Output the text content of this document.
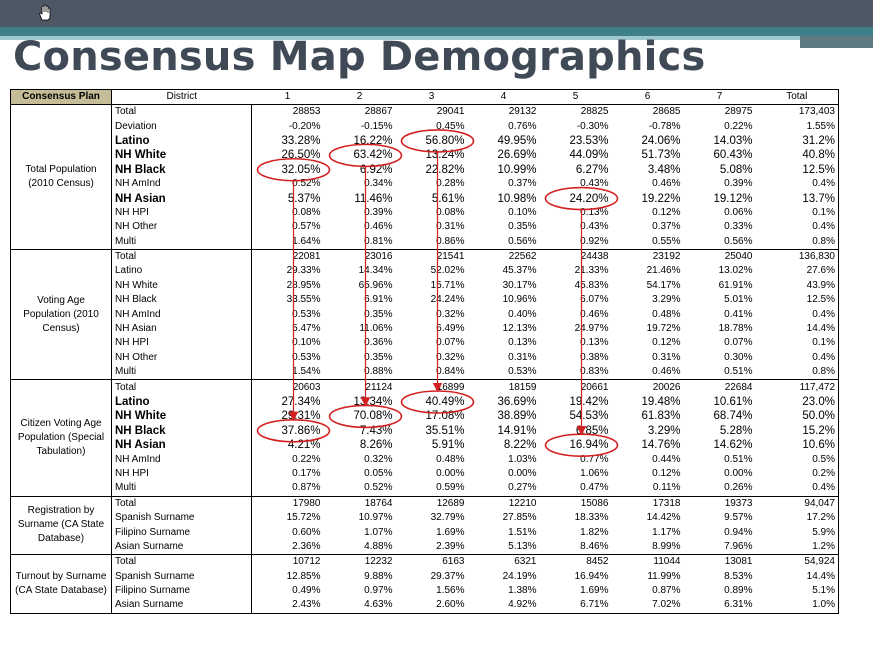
Consensus Map Demographics
Consensus Plan	District	1	2	3	4	5	6	7	Total
Total Population (2010 Census)	Total	28853	28867	29041	29132	28825	28685	28975	173,403
	Deviation	-0.20%	-0.15%	0.45%	0.76%	-0.30%	-0.78%	0.22%	1.55%
	Latino	33.28%	16.22%	56.80%	49.95%	23.53%	24.06%	14.03%	31.2%
	NH White	26.50%	63.42%	13.24%	26.69%	44.09%	51.73%	60.43%	40.8%
	NH Black	32.05%	6.92%	22.82%	10.99%	6.27%	3.48%	5.08%	12.5%
	NH AmInd	0.52%	0.34%	0.28%	0.37%	0.43%	0.46%	0.39%	0.4%
	NH Asian	5.37%	11.46%	5.61%	10.98%	24.20%	19.22%	19.12%	13.7%
	NH HPI	0.08%	0.39%	0.08%	0.10%	0.13%	0.12%	0.06%	0.1%
	NH Other	0.57%	0.46%	0.31%	0.35%	0.43%	0.37%	0.33%	0.4%
	Multi	1.64%	0.81%	0.86%	0.56%	0.92%	0.55%	0.56%	0.8%
Voting Age Population (2010 Census)	Total	22081	23016	21541	22562	24438	23192	25040	136,830
	Latino	29.33%	14.34%	52.02%	45.37%	21.33%	21.46%	13.02%	27.6%
	NH White	28.95%	65.96%	15.71%	30.17%	45.83%	54.17%	61.91%	43.9%
	NH Black	33.55%	6.91%	24.24%	10.96%	6.07%	3.29%	5.01%	12.5%
	NH AmInd	0.53%	0.35%	0.32%	0.40%	0.46%	0.48%	0.41%	0.4%
	NH Asian	5.47%	11.06%	6.49%	12.13%	24.97%	19.72%	18.78%	14.4%
	NH HPI	0.10%	0.36%	0.07%	0.13%	0.13%	0.12%	0.07%	0.1%
	NH Other	0.53%	0.35%	0.32%	0.31%	0.38%	0.31%	0.30%	0.4%
	Multi	1.54%	0.88%	0.84%	0.53%	0.83%	0.46%	0.51%	0.8%
Citizen Voting Age Population (Special Tabulation)	Total	20603	21124	16899	18159	20661	20026	22684	117,472
	Latino	27.34%	13.34%	40.49%	36.69%	19.42%	19.48%	10.61%	23.0%
	NH White	29.31%	70.08%	17.08%	38.89%	54.53%	61.83%	68.74%	50.0%
	NH Black	37.86%	7.43%	35.51%	14.91%	6.85%	3.29%	5.28%	15.2%
	NH Asian	4.21%	8.26%	5.91%	8.22%	16.94%	14.76%	14.62%	10.6%
	NH AmInd	0.22%	0.32%	0.48%	1.03%	0.77%	0.44%	0.51%	0.5%
	NH HPI	0.17%	0.05%	0.00%	0.00%	1.06%	0.12%	0.00%	0.2%
	Multi	0.87%	0.52%	0.59%	0.27%	0.47%	0.11%	0.26%	0.4%
Registration by Surname (CA State Database)	Total	17980	18764	12689	12210	15086	17318	19373	94,047
	Spanish Surname	15.72%	10.97%	32.79%	27.85%	18.33%	14.42%	9.57%	17.2%
	Filipino Surname	0.60%	1.07%	1.69%	1.51%	1.82%	1.17%	0.94%	5.9%
	Asian Surname	2.36%	4.88%	2.39%	5.13%	8.46%	8.99%	7.96%	1.2%
Turnout by Surname (CA State Database)	Total	10712	12232	6163	6321	8452	11044	13081	54,924
	Spanish Surname	12.85%	9.88%	29.37%	24.19%	16.94%	11.99%	8.53%	14.4%
	Filipino Surname	0.49%	0.97%	1.56%	1.38%	1.69%	0.87%	0.89%	5.1%
	Asian Surname	2.43%	4.63%	2.60%	4.92%	6.71%	7.02%	6.31%	1.0%
